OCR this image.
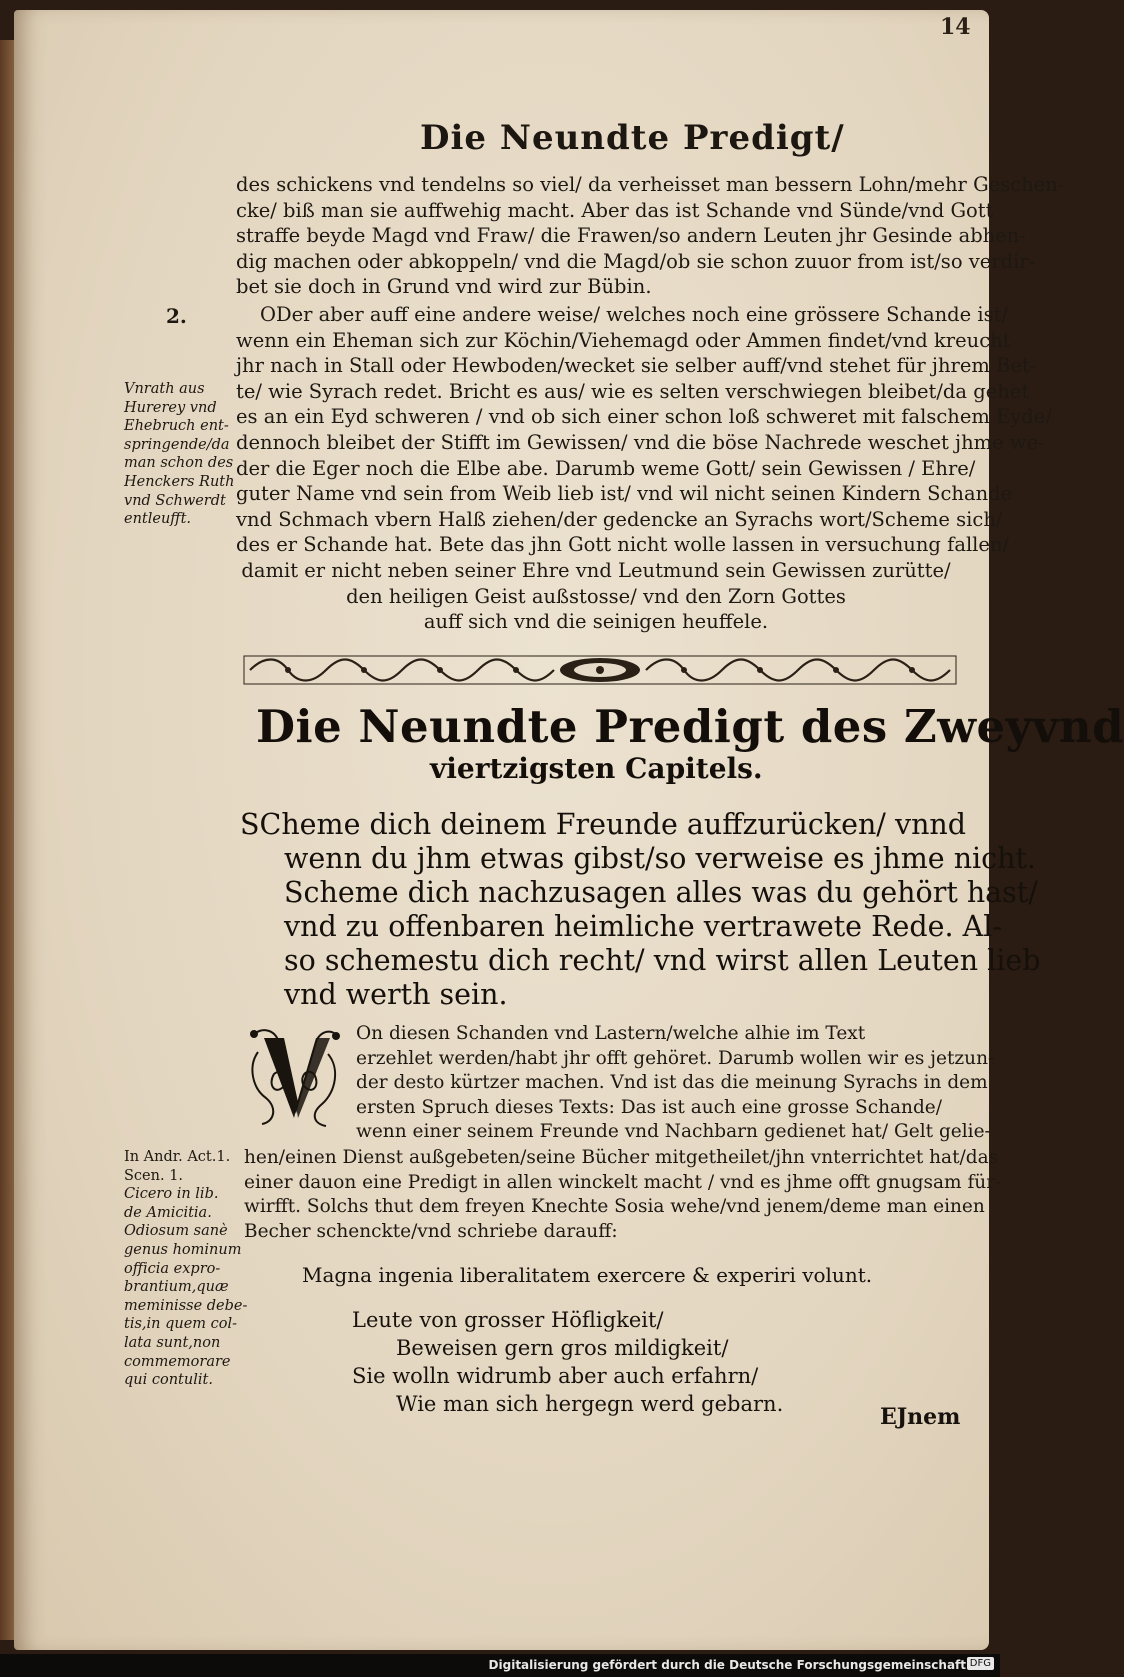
14
Die Neundte Predigt/
des schickens vnd tendelns so viel/ da verheisset man bessern Lohn/mehr Geschen-
cke/ biß man sie auffwehig macht. Aber das ist Schande vnd Sünde/vnd Gott
straffe beyde Magd vnd Fraw/ die Frawen/so andern Leuten jhr Gesinde abhen-
dig machen oder abkoppeln/ vnd die Magd/ob sie schon zuuor from ist/so verdir-
bet sie doch in Grund vnd wird zur Bübin.
2.	ODer aber auff eine andere weise/ welches noch eine grössere Schande ist/
wenn ein Eheman sich zur Köchin/Viehemagd oder Ammen findet/vnd kreucht
jhr nach in Stall oder Hewboden/wecket sie selber auff/vnd stehet für jhrem Bet-
te/ wie Syrach redet. Bricht es aus/ wie es selten verschwiegen bleibet/da gehet
es an ein Eyd schweren / vnd ob sich einer schon loß schweret mit falschem Eyde/
dennoch bleibet der Stifft im Gewissen/ vnd die böse Nachrede weschet jhme we-
der die Eger noch die Elbe abe. Darumb weme Gott/ sein Gewissen / Ehre/
guter Name vnd sein from Weib lieb ist/ vnd wil nicht seinen Kindern Schande
vnd Schmach vbern Halß ziehen/der gedencke an Syrachs wort/Scheme sich/
des er Schande hat. Bete das jhn Gott nicht wolle lassen in versuchung fallen/
damit er nicht neben seiner Ehre vnd Leutmund sein Gewissen zurütte/
den heiligen Geist außstosse/ vnd den Zorn Gottes
auff sich vnd die seinigen heuffele.
Vnrath aus
Hurerey vnd
Ehebruch ent-
springende/da
man schon des
Henckers Ruth
vnd Schwerdt
entleufft.
Die Neundte Predigt des Zweyvnd
viertzigsten Capitels.
SCheme dich deinem Freunde auffzurücken/ vnnd
wenn du jhm etwas gibst/so verweise es jhme nicht.
Scheme dich nachzusagen alles was du gehört hast/
vnd zu offenbaren heimliche vertrawete Rede. Al-
so schemestu dich recht/ vnd wirst allen Leuten lieb
vnd werth sein.
On diesen Schanden vnd Lastern/welche alhie im Text
erzehlet werden/habt jhr offt gehöret. Darumb wollen wir es jetzun-
der desto kürtzer machen. Vnd ist das die meinung Syrachs in dem
ersten Spruch dieses Texts: Das ist auch eine grosse Schande/
wenn einer seinem Freunde vnd Nachbarn gedienet hat/ Gelt gelie-
hen/einen Dienst außgebeten/seine Bücher mitgetheilet/jhn vnterrichtet hat/das
einer dauon eine Predigt in allen winckelt macht / vnd es jhme offt gnugsam für-
wirfft. Solchs thut dem freyen Knechte Sosia wehe/vnd jenem/deme man einen
Becher schenckte/vnd schriebe darauff:
In Andr. Act.1.
Scen. 1.
Cicero in lib.
de Amicitia.
Odiosum sanè
genus hominum
officia expro-
brantium,quæ
meminisse debe-
tis,in quem col-
lata sunt,non
commemorare
qui contulit.
Magna ingenia liberalitatem exercere & experiri volunt.
Leute von grosser Höfligkeit/
Beweisen gern gros mildigkeit/
Sie wolln widrumb aber auch erfahrn/
Wie man sich hergegn werd gebarn.	EJnem
Digitalisierung gefördert durch die Deutsche Forschungsgemeinschaft DFG
